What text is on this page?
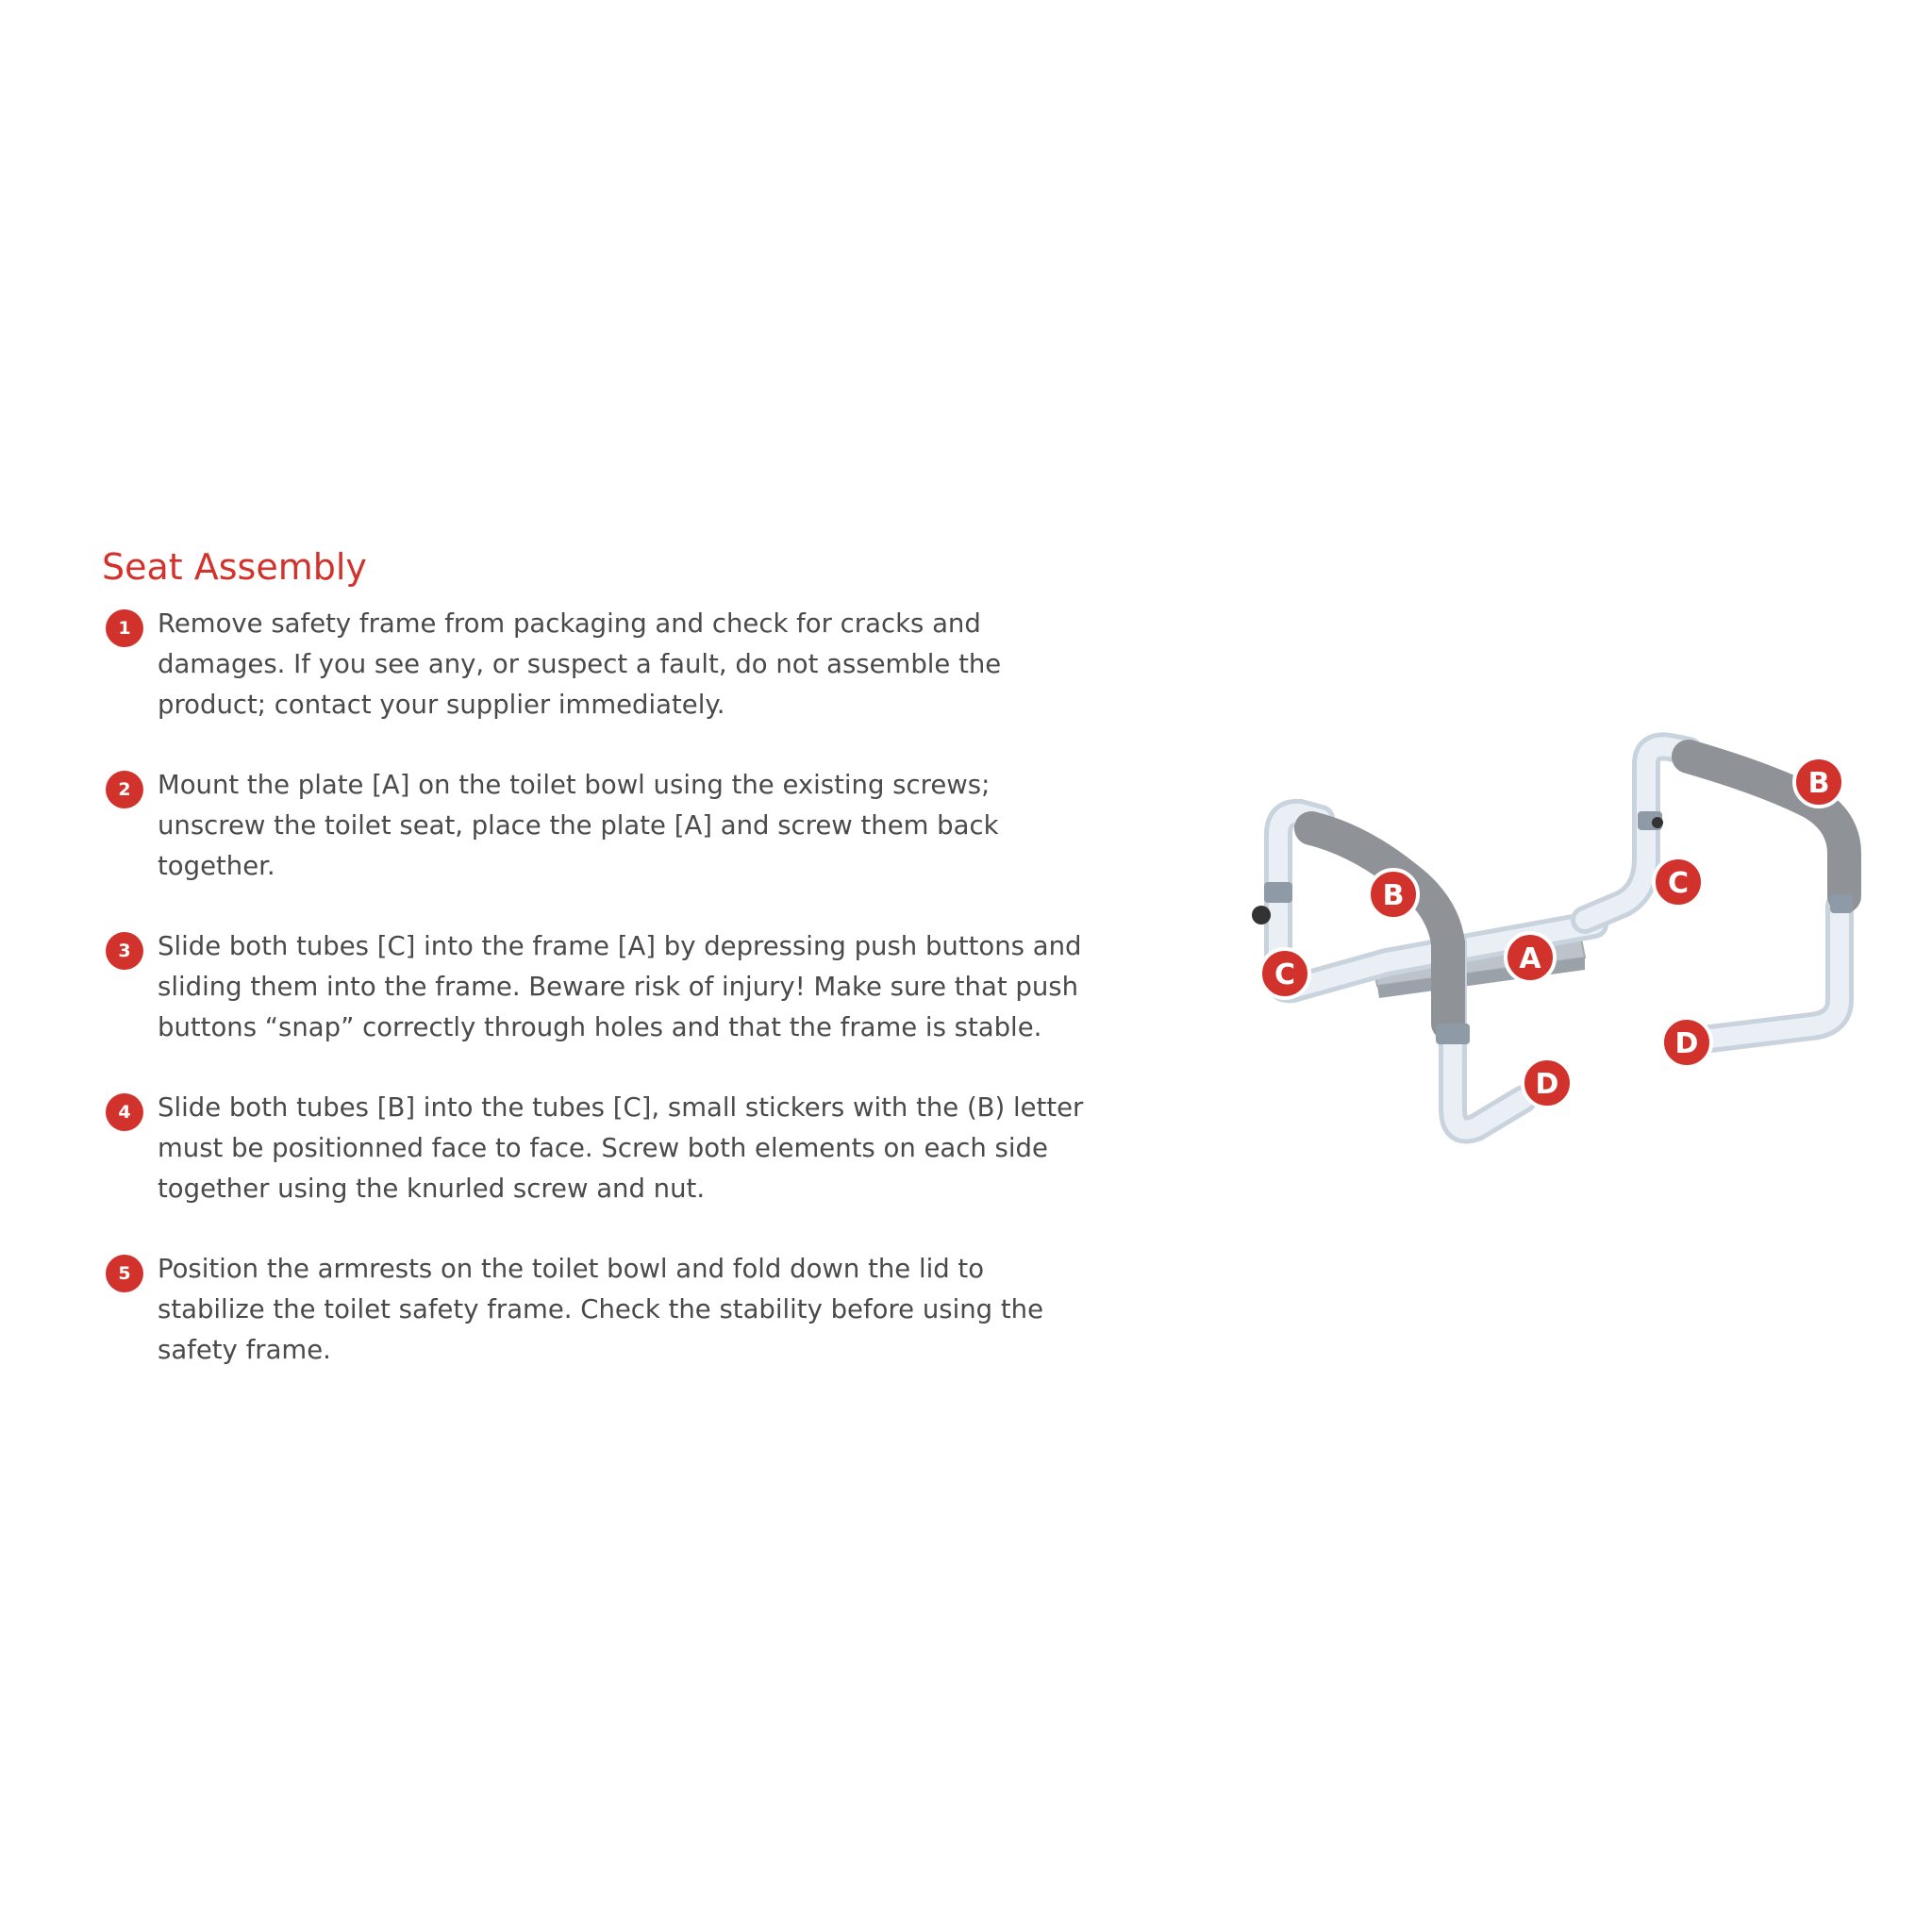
Seat Assembly
1	Remove safety frame from packaging and check for cracks and damages. If you see any, or suspect a fault, do not assemble the product; contact your supplier immediately.

2	Mount the plate [A] on the toilet bowl using the existing screws; unscrew the toilet seat, place the plate [A] and screw them back together.

3	Slide both tubes [C] into the frame [A] by depressing push buttons and sliding them into the frame. Beware risk of injury! Make sure that push buttons “snap” correctly through holes and that the frame is stable.

4	Slide both tubes [B] into the tubes [C], small stickers with the (B) letter must be positionned face to face. Screw both elements on each side together using the knurled screw and nut.

5	Position the armrests on the toilet bowl and fold down the lid to stabilize the toilet safety frame. Check the stability before using the safety frame.

A
B
B
C
C
D
D
